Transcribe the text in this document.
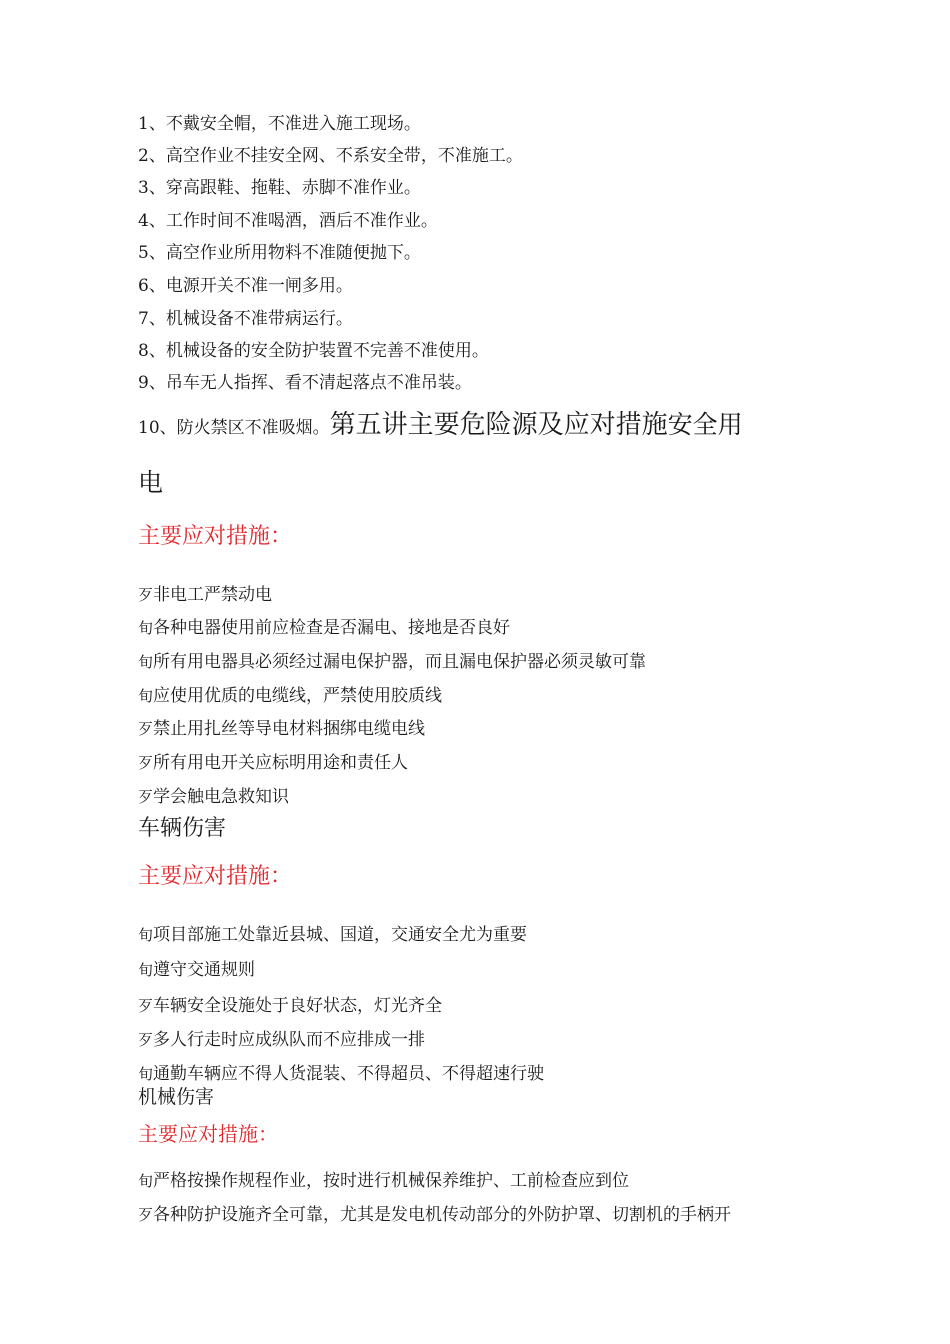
1、不戴安全帽，不准进入施工现场。
2、高空作业不挂安全网、不系安全带，不准施工。
3、穿高跟鞋、拖鞋、赤脚不准作业。
4、工作时间不准喝酒，酒后不准作业。
5、高空作业所用物料不准随便抛下。
6、电源开关不准一闸多用。
7、机械设备不准带病运行。
8、机械设备的安全防护装置不完善不准使用。
9、吊车无人指挥、看不清起落点不准吊装。
10、防火禁区不准吸烟。 第五讲主要危险源及应对措施 安全用
电
主要应对措施：
歹非电工严禁动电
旬各种电器使用前应检查是否漏电、接地是否良好
旬所有用电器具必须经过漏电保护器，而且漏电保护器必须灵敏可靠
旬应使用优质的电缆线，严禁使用胶质线
歹禁止用扎丝等导电材料捆绑电缆电线
歹所有用电开关应标明用途和责任人
歹学会触电急救知识
车辆伤害
主要应对措施：
旬项目部施工处靠近县城、国道，交通安全尤为重要
旬遵守交通规则
歹车辆安全设施处于良好状态，灯光齐全
歹多人行走时应成纵队而不应排成一排
旬通勤车辆应不得人货混装、不得超员、不得超速行驶
机械伤害
主要应对措施：
旬严格按操作规程作业，按时进行机械保养维护、工前检查应到位
歹各种防护设施齐全可靠，尤其是发电机传动部分的外防护罩、切割机的手柄开
